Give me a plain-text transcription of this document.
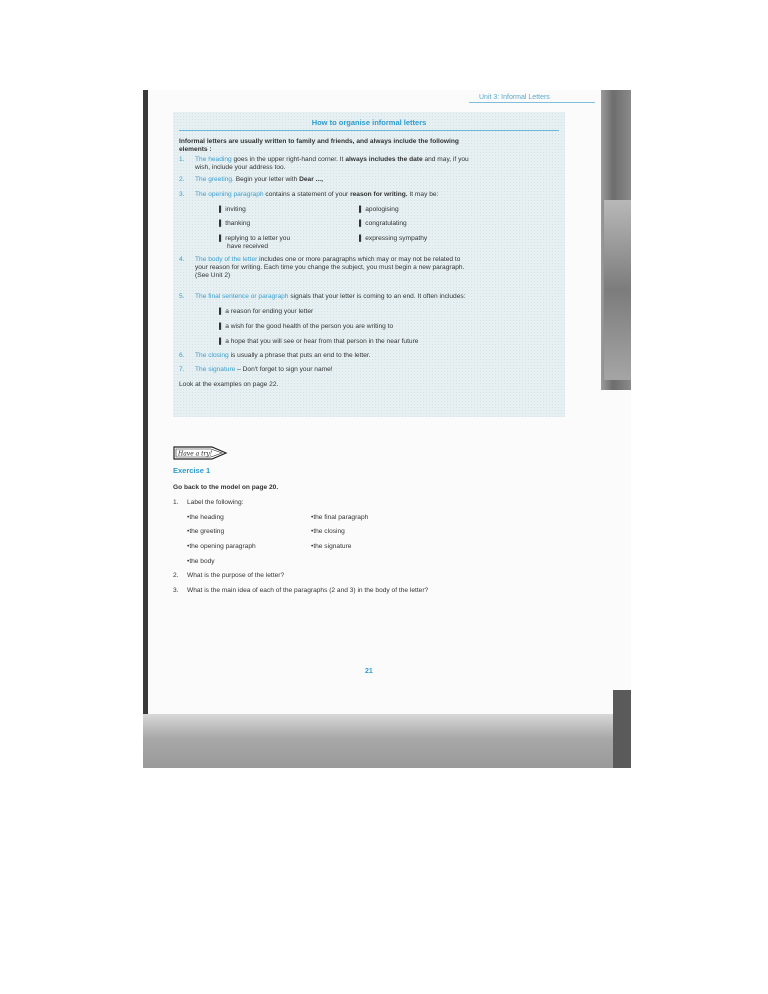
Unit 3: Informal Letters
How to organise informal letters
Informal letters are usually written to family and friends, and always include the following
elements :
1. The heading goes in the upper right-hand corner. It always includes the date and may, if you
wish, include your address too.
2. The greeting. Begin your letter with Dear ...,
3. The opening paragraph contains a statement of your reason for writing. It may be:
▌ inviting	▌ apologising
▌ thanking	▌ congratulating
▌ replying to a letter you	▌ expressing sympathy
have received
4. The body of the letter includes one or more paragraphs which may or may not be related to
your reason for writing. Each time you change the subject, you must begin a new paragraph.
(See Unit 2)
5. The final sentence or paragraph signals that your letter is coming to an end. It often includes:
▌ a reason for ending your letter
▌ a wish for the good health of the person you are writing to
▌ a hope that you will see or hear from that person in the near future
6. The closing is usually a phrase that puts an end to the letter.
7. The signature – Don't forget to sign your name!
Look at the examples on page 22.
Have a try!
Exercise 1
Go back to the model on page 20.
1. Label the following:
• the heading
• the greeting
• the opening paragraph
• the body
• the final paragraph
• the closing
• the signature
2. What is the purpose of the letter?
3. What is the main idea of each of the paragraphs (2 and 3) in the body of the letter?
21
